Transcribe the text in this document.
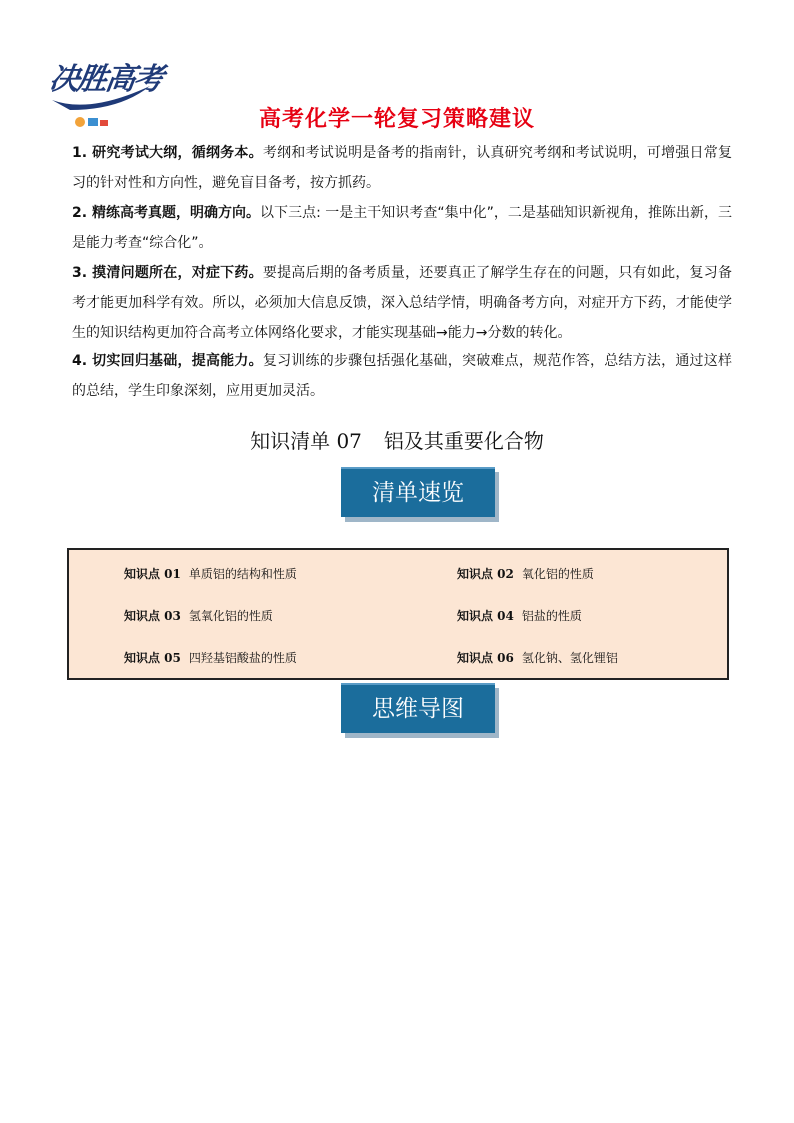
决胜高考
高考化学一轮复习策略建议
1. 研究考试大纲，循纲务本。考纲和考试说明是备考的指南针，认真研究考纲和考试说明，可增强日常复习的针对性和方向性，避免盲目备考，按方抓药。
2. 精练高考真题，明确方向。以下三点: 一是主干知识考查“集中化”，二是基础知识新视角，推陈出新，三是能力考查“综合化”。
3. 摸清问题所在，对症下药。要提高后期的备考质量，还要真正了解学生存在的问题，只有如此，复习备考才能更加科学有效。所以，必须加大信息反馈，深入总结学情，明确备考方向，对症开方下药，才能使学生的知识结构更加符合高考立体网络化要求，才能实现基础→能力→分数的转化。
4. 切实回归基础，提高能力。复习训练的步骤包括强化基础，突破难点，规范作答，总结方法，通过这样的总结，学生印象深刻，应用更加灵活。
知识清单 07 铝及其重要化合物
清单速览
知识点 01 单质铝的结构和性质	知识点 02 氧化铝的性质
知识点 03 氢氧化铝的性质	知识点 04 铝盐的性质
知识点 05 四羟基铝酸盐的性质	知识点 06 氢化钠、氢化锂铝
思维导图
